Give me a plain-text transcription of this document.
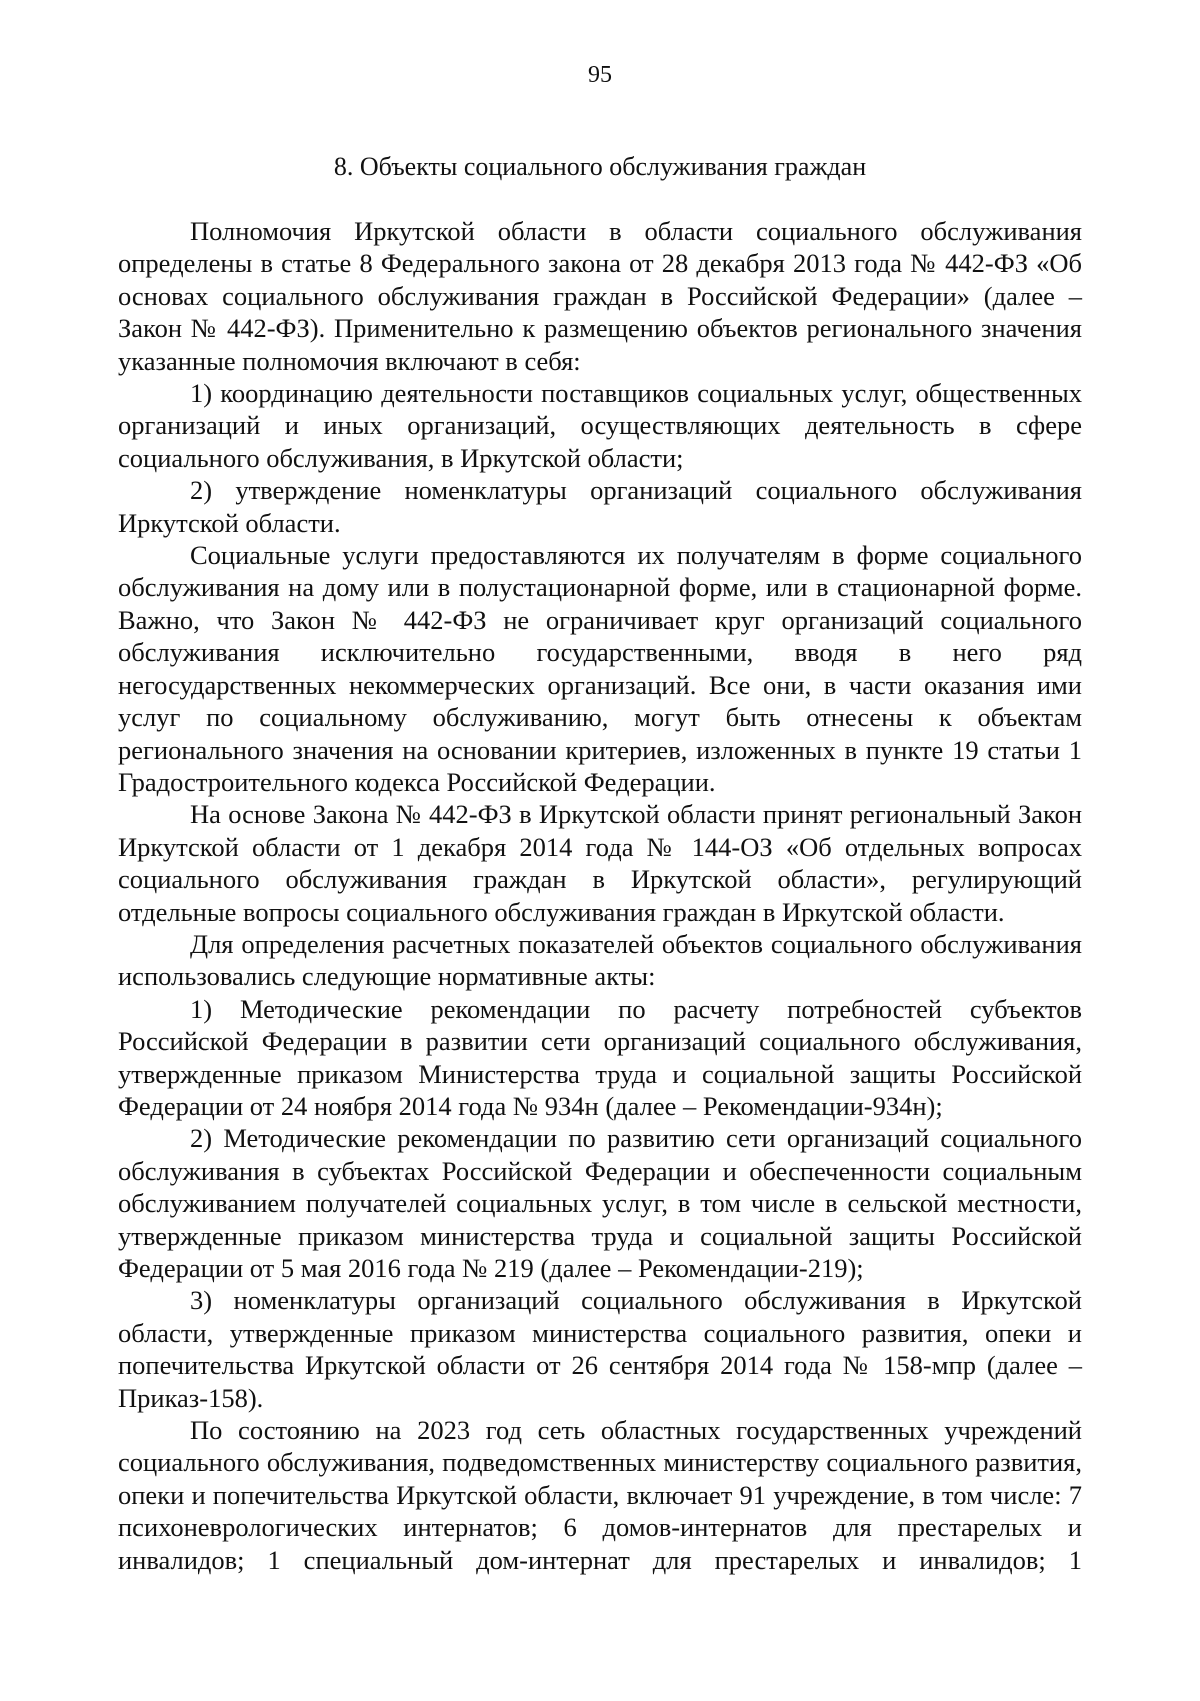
95
8. Объекты социального обслуживания граждан

Полномочия Иркутской области в области социального обслуживания определены в статье 8 Федерального закона от 28 декабря 2013 года № 442-ФЗ «Об основах социального обслуживания граждан в Российской Федерации» (далее – Закон № 442-ФЗ). Применительно к размещению объектов регионального значения указанные полномочия включают в себя:

1) координацию деятельности поставщиков социальных услуг, общественных организаций и иных организаций, осуществляющих деятельность в сфере социального обслуживания, в Иркутской области;

2) утверждение номенклатуры организаций социального обслуживания Иркутской области.

Социальные услуги предоставляются их получателям в форме социального обслуживания на дому или в полустационарной форме, или в стационарной форме. Важно, что Закон № 442-ФЗ не ограничивает круг организаций социального обслуживания исключительно государственными, вводя в него ряд негосударственных некоммерческих организаций. Все они, в части оказания ими услуг по социальному обслуживанию, могут быть отнесены к объектам регионального значения на основании критериев, изложенных в пункте 19 статьи 1 Градостроительного кодекса Российской Федерации.

На основе Закона № 442-ФЗ в Иркутской области принят региональный Закон Иркутской области от 1 декабря 2014 года № 144-ОЗ «Об отдельных вопросах социального обслуживания граждан в Иркутской области», регулирующий отдельные вопросы социального обслуживания граждан в Иркутской области.

Для определения расчетных показателей объектов социального обслуживания использовались следующие нормативные акты:

1) Методические рекомендации по расчету потребностей субъектов Российской Федерации в развитии сети организаций социального обслуживания, утвержденные приказом Министерства труда и социальной защиты Российской Федерации от 24 ноября 2014 года № 934н (далее – Рекомендации-934н);

2) Методические рекомендации по развитию сети организаций социального обслуживания в субъектах Российской Федерации и обеспеченности социальным обслуживанием получателей социальных услуг, в том числе в сельской местности, утвержденные приказом министерства труда и социальной защиты Российской Федерации от 5 мая 2016 года № 219 (далее – Рекомендации-219);

3) номенклатуры организаций социального обслуживания в Иркутской области, утвержденные приказом министерства социального развития, опеки и попечительства Иркутской области от 26 сентября 2014 года № 158-мпр (далее – Приказ-158).

По состоянию на 2023 год сеть областных государственных учреждений социального обслуживания, подведомственных министерству социального развития, опеки и попечительства Иркутской области, включает 91 учреждение, в том числе: 7 психоневрологических интернатов; 6 домов-интернатов для престарелых и инвалидов; 1 специальный дом-интернат для престарелых и инвалидов; 1
